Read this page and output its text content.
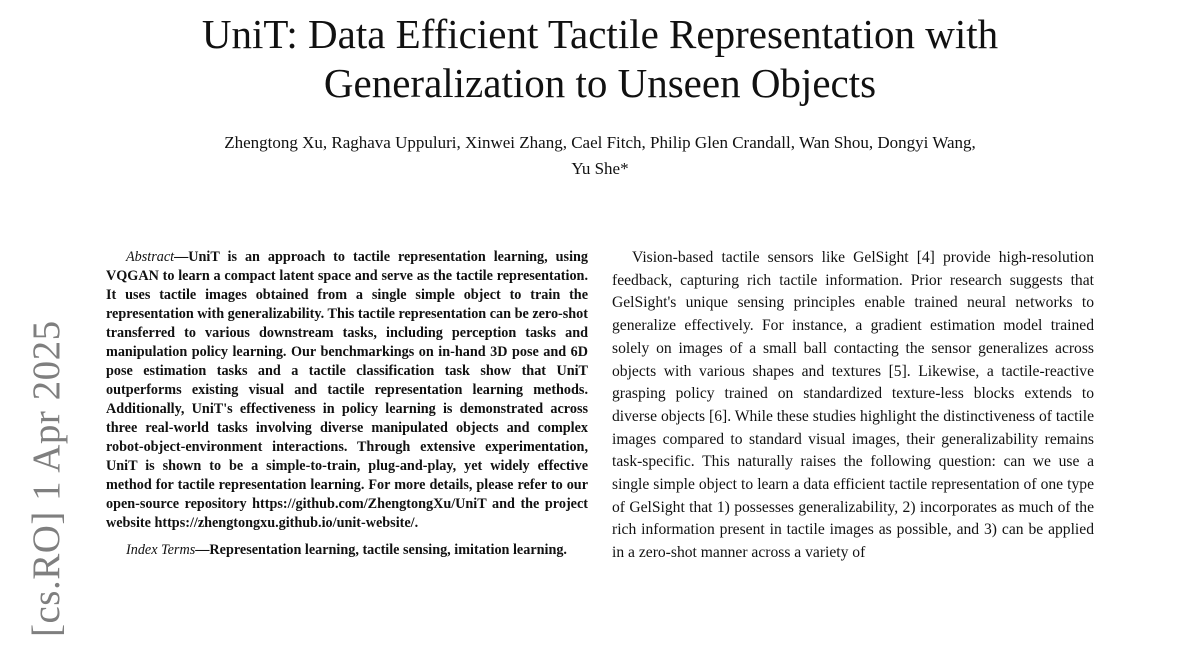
UniT: Data Efficient Tactile Representation with
Generalization to Unseen Objects
Zhengtong Xu, Raghava Uppuluri, Xinwei Zhang, Cael Fitch, Philip Glen Crandall, Wan Shou, Dongyi Wang,
Yu She*
[cs.RO] 1 Apr 2025

Abstract—UniT is an approach to tactile representation learning, using VQGAN to learn a compact latent space and serve as the tactile representation. It uses tactile images obtained from a single simple object to train the representation with generalizability. This tactile representation can be zero-shot transferred to various downstream tasks, including perception tasks and manipulation policy learning. Our benchmarkings on in-hand 3D pose and 6D pose estimation tasks and a tactile classification task show that UniT outperforms existing visual and tactile representation learning methods. Additionally, UniT's effectiveness in policy learning is demonstrated across three real-world tasks involving diverse manipulated objects and complex robot-object-environment interactions. Through extensive experimentation, UniT is shown to be a simple-to-train, plug-and-play, yet widely effective method for tactile representation learning. For more details, please refer to our open-source repository https://github.com/ZhengtongXu/UniT and the project website https://zhengtongxu.github.io/unit-website/.

Index Terms—Representation learning, tactile sensing, imitation learning.

Vision-based tactile sensors like GelSight [4] provide high-resolution feedback, capturing rich tactile information. Prior research suggests that GelSight's unique sensing principles enable trained neural networks to generalize effectively. For instance, a gradient estimation model trained solely on images of a small ball contacting the sensor generalizes across objects with various shapes and textures [5]. Likewise, a tactile-reactive grasping policy trained on standardized texture-less blocks extends to diverse objects [6]. While these studies highlight the distinctiveness of tactile images compared to standard visual images, their generalizability remains task-specific. This naturally raises the following question: can we use a single simple object to learn a data efficient tactile representation of one type of GelSight that 1) possesses generalizability, 2) incorporates as much of the rich information present in tactile images as possible, and 3) can be applied in a zero-shot manner across a variety of
